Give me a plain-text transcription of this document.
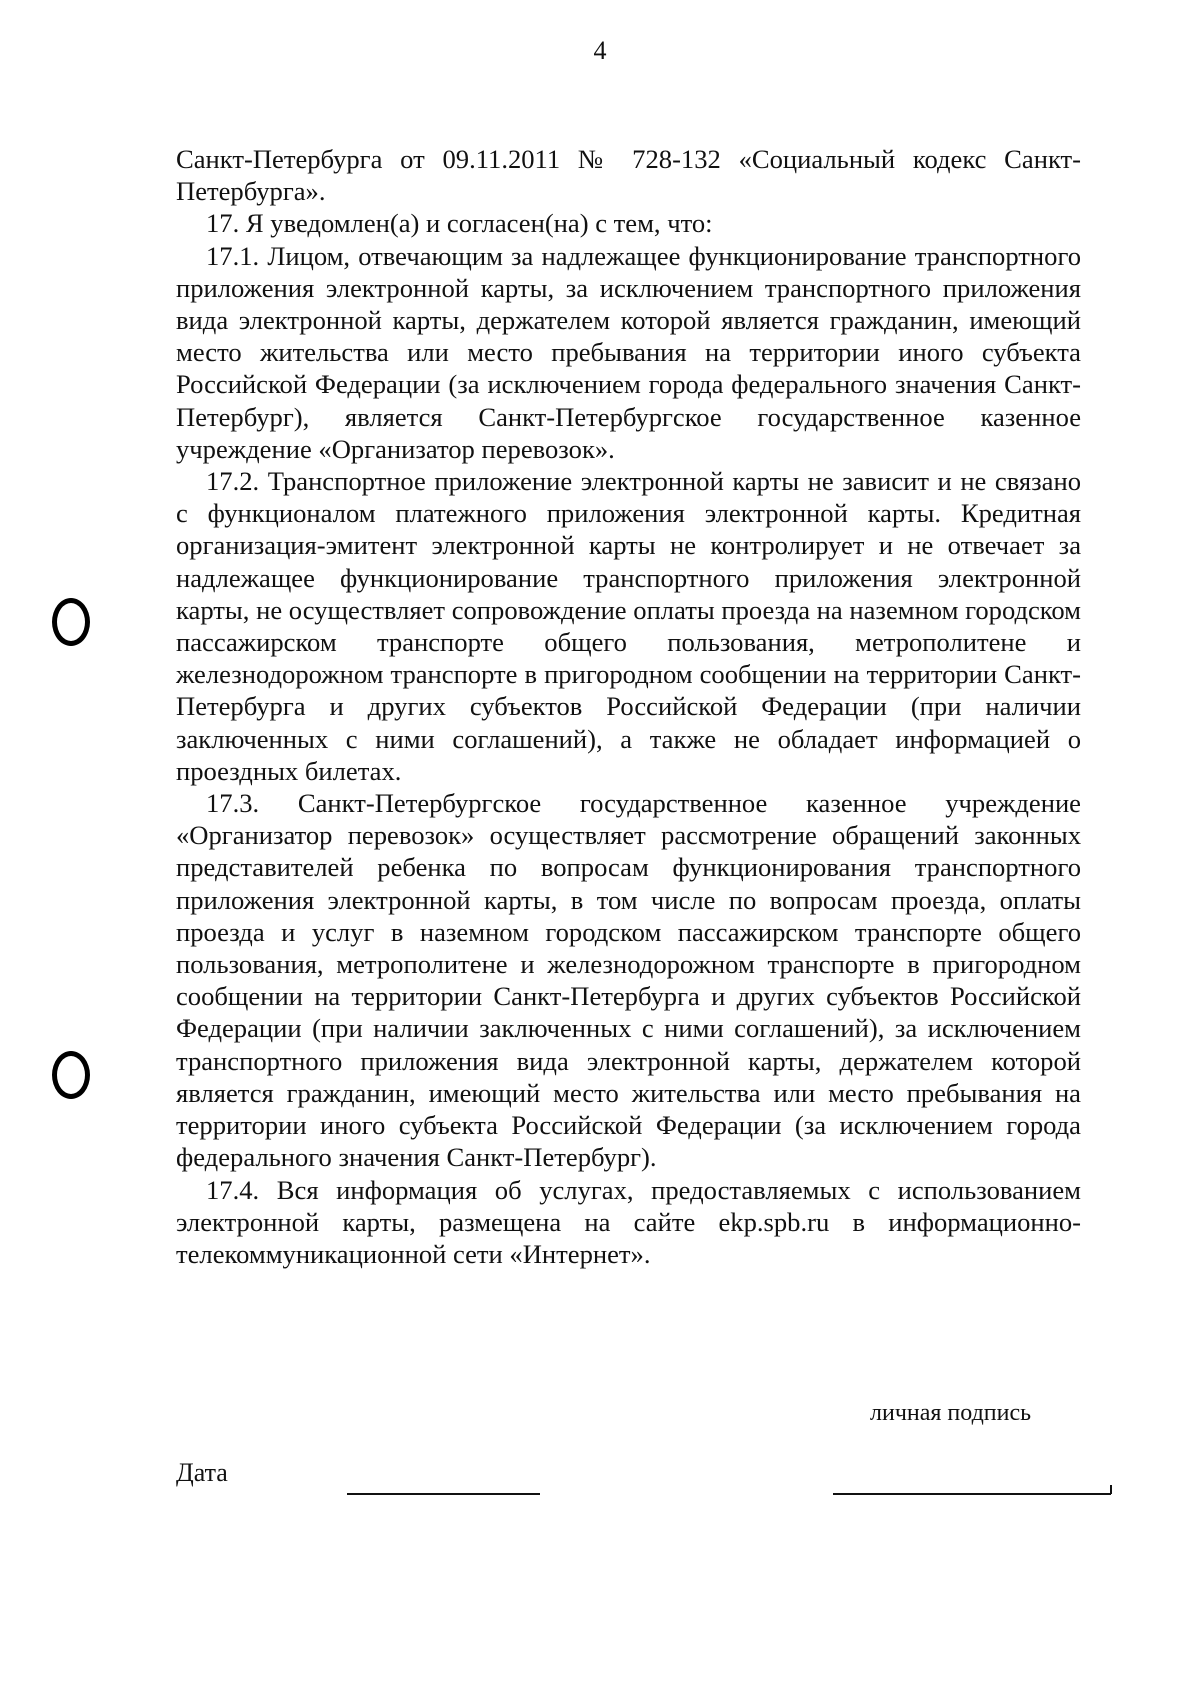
4

Санкт-Петербурга от 09.11.2011 № 728-132 «Социальный кодекс Санкт-Петербурга».

17. Я уведомлен(а) и согласен(на) с тем, что:

17.1. Лицом, отвечающим за надлежащее функционирование транспортного приложения электронной карты, за исключением транспортного приложения вида электронной карты, держателем которой является гражданин, имеющий место жительства или место пребывания на территории иного субъекта Российской Федерации (за исключением города федерального значения Санкт-Петербург), является Санкт-Петербургское государственное казенное учреждение «Организатор перевозок».

17.2. Транспортное приложение электронной карты не зависит и не связано с функционалом платежного приложения электронной карты. Кредитная организация-эмитент электронной карты не контролирует и не отвечает за надлежащее функционирование транспортного приложения электронной карты, не осуществляет сопровождение оплаты проезда на наземном городском пассажирском транспорте общего пользования, метрополитене и железнодорожном транспорте в пригородном сообщении на территории Санкт-Петербурга и других субъектов Российской Федерации (при наличии заключенных с ними соглашений), а также не обладает информацией о проездных билетах.

17.3. Санкт-Петербургское государственное казенное учреждение «Организатор перевозок» осуществляет рассмотрение обращений законных представителей ребенка по вопросам функционирования транспортного приложения электронной карты, в том числе по вопросам проезда, оплаты проезда и услуг в наземном городском пассажирском транспорте общего пользования, метрополитене и железнодорожном транспорте в пригородном сообщении на территории Санкт-Петербурга и других субъектов Российской Федерации (при наличии заключенных с ними соглашений), за исключением транспортного приложения вида электронной карты, держателем которой является гражданин, имеющий место жительства или место пребывания на территории иного субъекта Российской Федерации (за исключением города федерального значения Санкт-Петербург).

17.4. Вся информация об услугах, предоставляемых с использованием электронной карты, размещена на сайте ekp.spb.ru в информационно-телекоммуникационной сети «Интернет».

личная подпись
Дата
